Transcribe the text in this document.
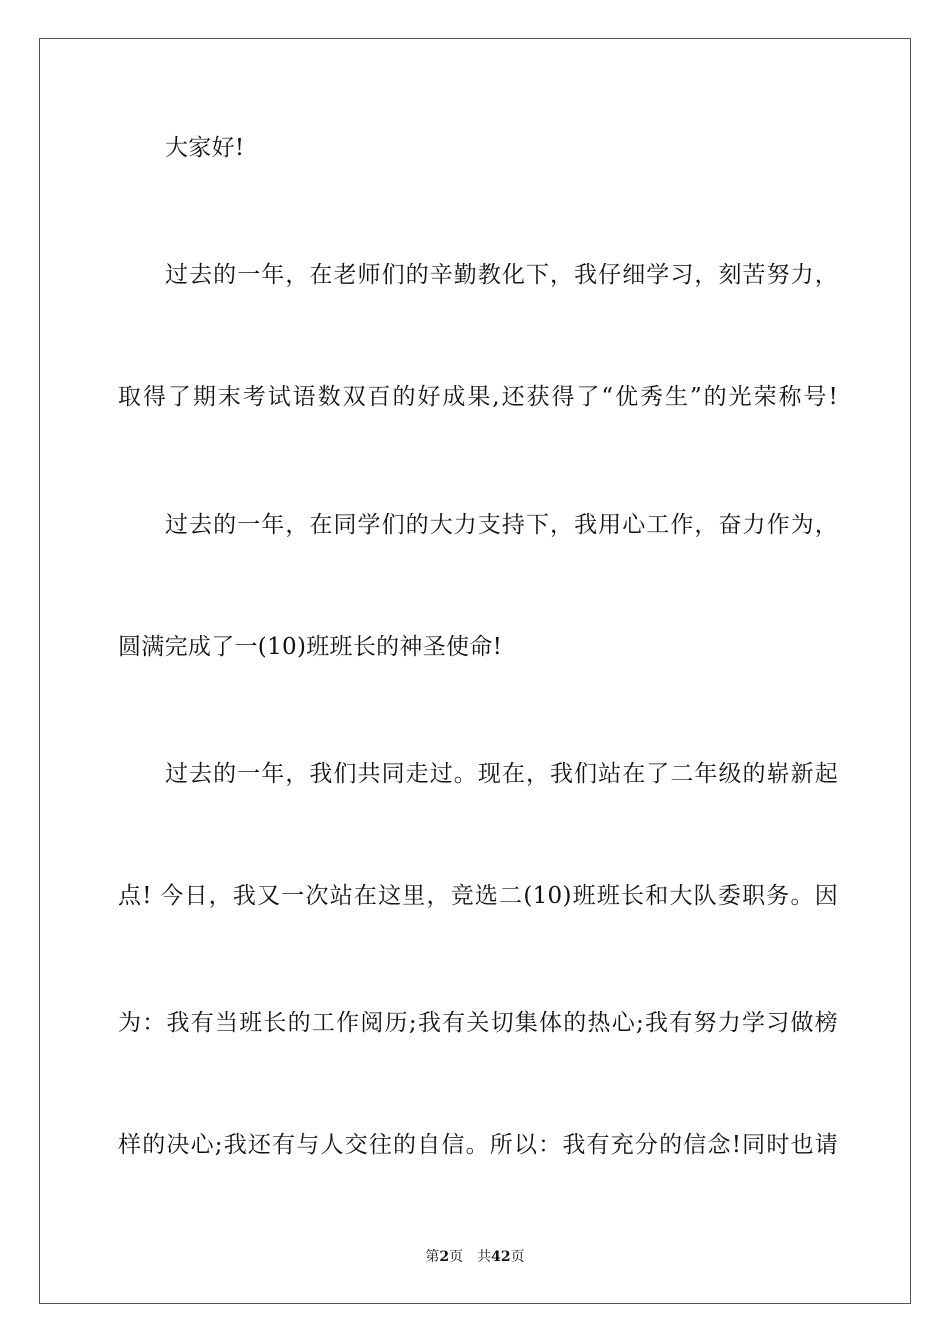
大家好!
过去的一年，在老师们的辛勤教化下，我仔细学习，刻苦努力，
取得了期末考试语数双百的好成果,还获得了“优秀生”的光荣称号!
过去的一年，在同学们的大力支持下，我用心工作，奋力作为，
圆满完成了一(10)班班长的神圣使命!
过去的一年，我们共同走过。现在，我们站在了二年级的崭新起
点! 今日，我又一次站在这里，竞选二(10)班班长和大队委职务。因
为：我有当班长的工作阅历;我有关切集体的热心;我有努力学习做榜
样的决心;我还有与人交往的自信。所以：我有充分的信念!同时也请
第2页 共42页
